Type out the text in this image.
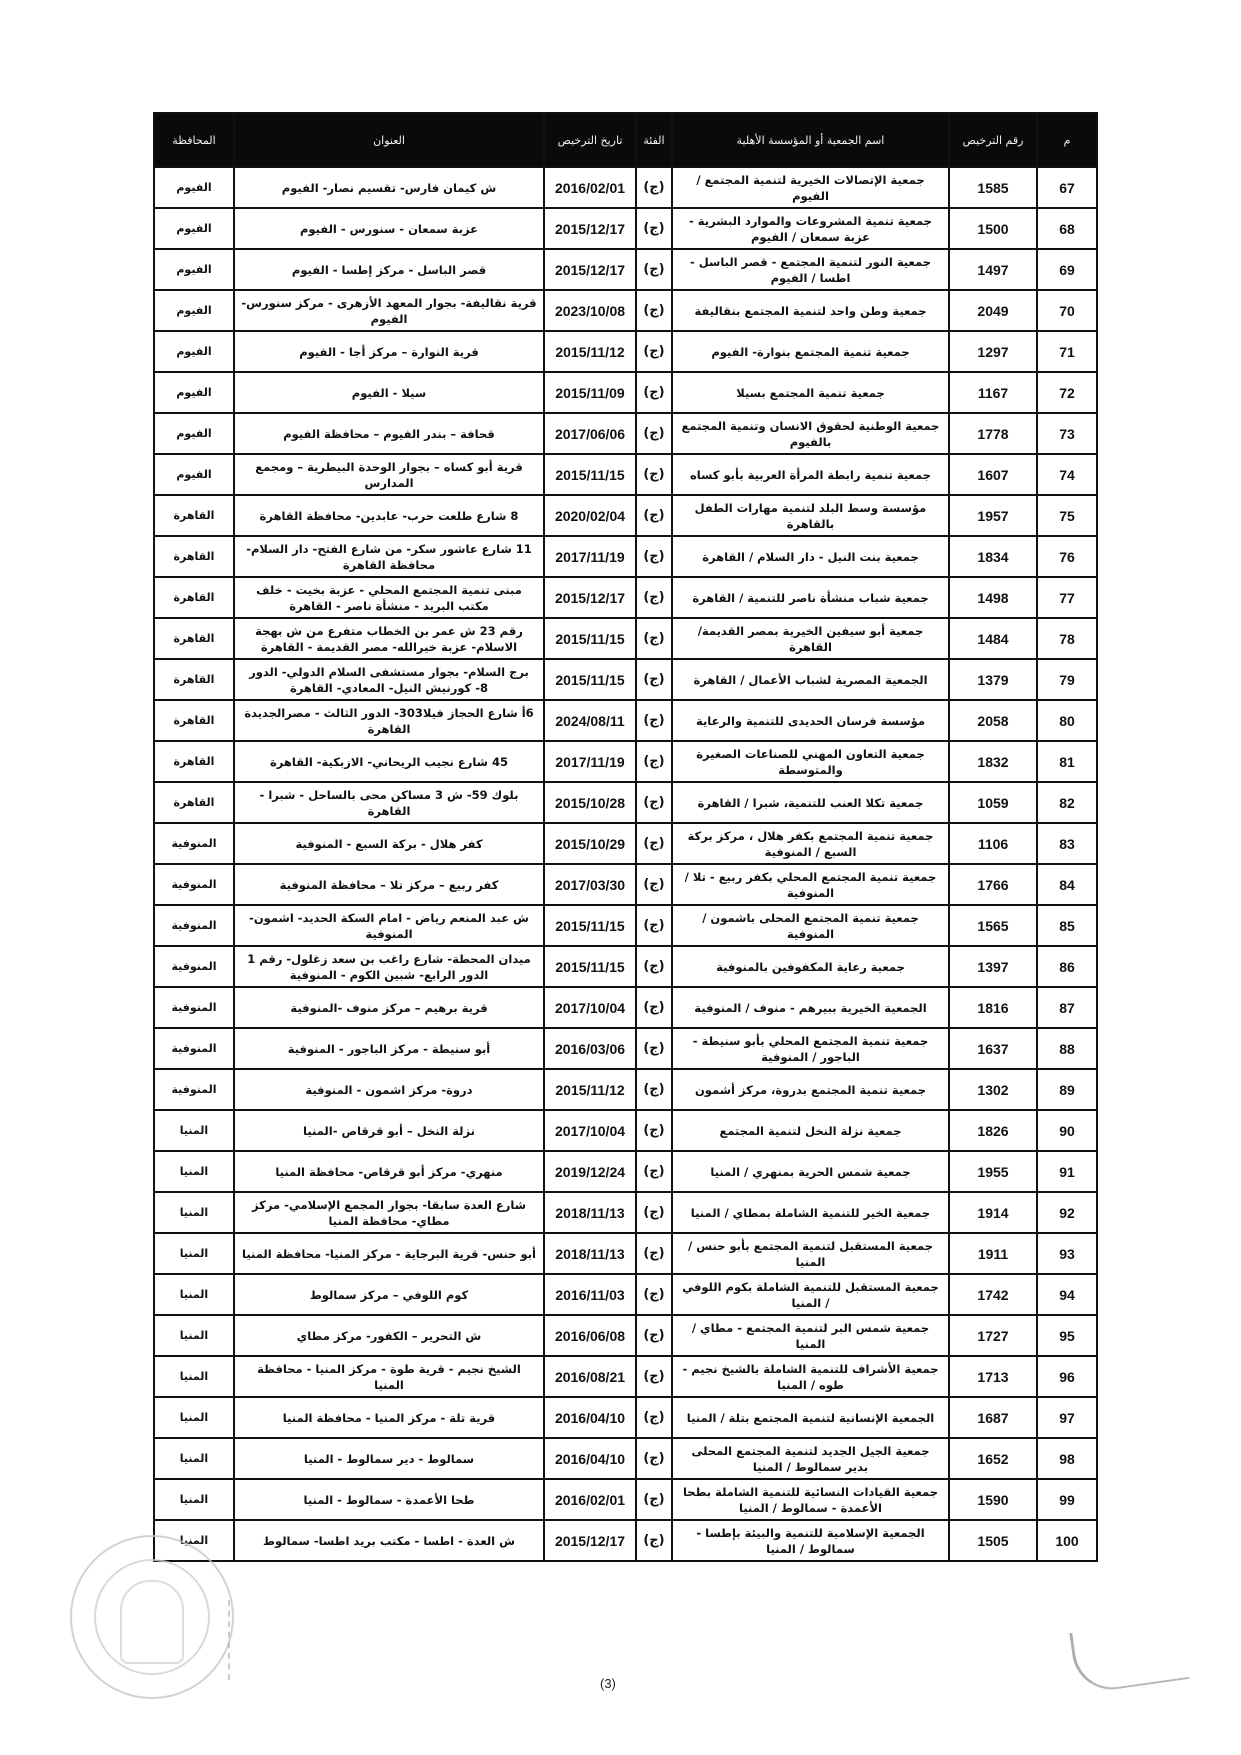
م	رقم الترخيص	اسم الجمعية أو المؤسسة الأهلية	الفئة	تاريخ الترخيص	العنوان	المحافظة
67	1585	جمعية الإتصالات الخيرية لتنمية المجتمع / الفيوم	(ج)	2016/02/01	ش كيمان فارس- تقسيم نصار- الفيوم	الفيوم
68	1500	جمعية تنمية المشروعات والموارد البشرية - عزبة سمعان / الفيوم	(ج)	2015/12/17	عزبة سمعان - سنورس - الفيوم	الفيوم
69	1497	جمعية النور لتنمية المجتمع - قصر الباسل - اطسا / الفيوم	(ج)	2015/12/17	قصر الباسل - مركز إطسا - الفيوم	الفيوم
70	2049	جمعية وطن واحد لتنمية المجتمع بنقاليفة	(ج)	2023/10/08	قرية نقاليفة- بجوار المعهد الأزهرى - مركز سنورس- الفيوم	الفيوم
71	1297	جمعية تنمية المجتمع بنوارة- الفيوم	(ج)	2015/11/12	قرية النوارة – مركز أجا - الفيوم	الفيوم
72	1167	جمعية تنمية المجتمع بسيلا	(ج)	2015/11/09	سيلا - الفيوم	الفيوم
73	1778	جمعية الوطنية لحقوق الانسان وتنمية المجتمع بالفيوم	(ج)	2017/06/06	قحافة – بندر الفيوم – محافظة الفيوم	الفيوم
74	1607	جمعية تنمية رابطة المرأة العربية بأبو كساه	(ج)	2015/11/15	قرية أبو كساه – بجوار الوحدة البيطرية – ومجمع المدارس	الفيوم
75	1957	مؤسسة وسط البلد لتنمية مهارات الطفل بالقاهرة	(ج)	2020/02/04	8 شارع طلعت حرب- عابدين- محافظة القاهرة	القاهرة
76	1834	جمعية بنت النيل - دار السلام / القاهرة	(ج)	2017/11/19	11 شارع عاشور سكر- من شارع الفتح- دار السلام- محافظة القاهرة	القاهرة
77	1498	جمعية شباب منشأة ناصر للتنمية / القاهرة	(ج)	2015/12/17	مبنى تنمية المجتمع المحلي - عزبة بخيت - خلف مكتب البريد - منشأة ناصر - القاهرة	القاهرة
78	1484	جمعية أبو سيفين الخيرية بمصر القديمة/ القاهرة	(ج)	2015/11/15	رقم 23 ش عمر بن الخطاب متفرع من ش بهجة الاسلام- عزبة خيرالله- مصر القديمة - القاهرة	القاهرة
79	1379	الجمعية المصرية لشباب الأعمال / القاهرة	(ج)	2015/11/15	برج السلام- بجوار مستشفى السلام الدولي- الدور 8- كورنيش النيل- المعادي- القاهرة	القاهرة
80	2058	مؤسسة فرسان الحديدى للتنمية والرعاية	(ج)	2024/08/11	6أ شارع الحجاز فيلا303- الدور الثالث - مصرالجديدة القاهرة	القاهرة
81	1832	جمعية التعاون المهني للصناعات الصغيرة والمتوسطة	(ج)	2017/11/19	45 شارع نجيب الريحاني- الازبكية- القاهرة	القاهرة
82	1059	جمعية تكلا العنب للتنمية، شبرا / القاهرة	(ج)	2015/10/28	بلوك 59- ش 3 مساكن محى بالساحل - شبرا - القاهرة	القاهرة
83	1106	جمعية تنمية المجتمع بكفر هلال ، مركز بركة السبع / المنوفية	(ج)	2015/10/29	كفر هلال - بركة السبع - المنوفية	المنوفية
84	1766	جمعية تنمية المجتمع المحلي بكفر ربيع - تلا / المنوفية	(ج)	2017/03/30	كفر ربيع – مركز تلا – محافظة المنوفية	المنوفية
85	1565	جمعية تنمية المجتمع المحلى باشمون / المنوفية	(ج)	2015/11/15	ش عبد المنعم رياض - امام السكة الحديد- اشمون- المنوفية	المنوفية
86	1397	جمعية رعاية المكفوفين بالمنوفية	(ج)	2015/11/15	ميدان المحطة- شارع راغب بن سعد زغلول- رقم 1 الدور الرابع- شبين الكوم - المنوفية	المنوفية
87	1816	الجمعية الخيرية ببيرهم - منوف / المنوفية	(ج)	2017/10/04	قرية برهيم – مركز منوف -المنوفية	المنوفية
88	1637	جمعية تنمية المجتمع المحلي بأبو سنيطة - الباجور / المنوفية	(ج)	2016/03/06	أبو سنيطة - مركز الباجور - المنوفية	المنوفية
89	1302	جمعية تنمية المجتمع بدروة، مركز أشمون	(ج)	2015/11/12	دروة- مركز اشمون - المنوفية	المنوفية
90	1826	جمعية نزلة النخل لتنمية المجتمع	(ج)	2017/10/04	نزلة النخل – أبو قرقاص -المنيا	المنيا
91	1955	جمعية شمس الحرية بمنهري / المنيا	(ج)	2019/12/24	منهري- مركز أبو قرقاص- محافظة المنيا	المنيا
92	1914	جمعية الخير للتنمية الشاملة بمطاي / المنيا	(ج)	2018/11/13	شارع العدة سابقا- بجوار المجمع الإسلامي- مركز مطاي- محافظة المنيا	المنيا
93	1911	جمعية المستقبل لتنمية المجتمع بأبو حنس / المنيا	(ج)	2018/11/13	أبو حنس- قرية البرجاية - مركز المنيا- محافظة المنيا	المنيا
94	1742	جمعية المستقبل للتنمية الشاملة بكوم اللوفي / المنيا	(ج)	2016/11/03	كوم اللوفي – مركز سمالوط	المنيا
95	1727	جمعية شمس البر لتنمية المجتمع - مطاي / المنيا	(ج)	2016/06/08	ش التحرير – الكفور- مركز مطاي	المنيا
96	1713	جمعية الأشراف للتنمية الشاملة بالشيخ نجيم - طوه / المنيا	(ج)	2016/08/21	الشيخ نجيم - قرية طوة - مركز المنيا - محافظة المنيا	المنيا
97	1687	الجمعية الإنسانية لتنمية المجتمع بتلة / المنيا	(ج)	2016/04/10	قرية تلة - مركز المنيا - محافظة المنيا	المنيا
98	1652	جمعية الجيل الجديد لتنمية المجتمع المحلى بدير سمالوط / المنيا	(ج)	2016/04/10	سمالوط - دير سمالوط - المنيا	المنيا
99	1590	جمعية القيادات النسائية للتنمية الشاملة بطحا الأعمدة - سمالوط / المنيا	(ج)	2016/02/01	طحا الأعمدة - سمالوط - المنيا	المنيا
100	1505	الجمعية الإسلامية للتنمية والبيئة بإطسا - سمالوط / المنيا	(ج)	2015/12/17	ش العدة - اطسا - مكتب بريد اطسا- سمالوط	المنيا
(3)
